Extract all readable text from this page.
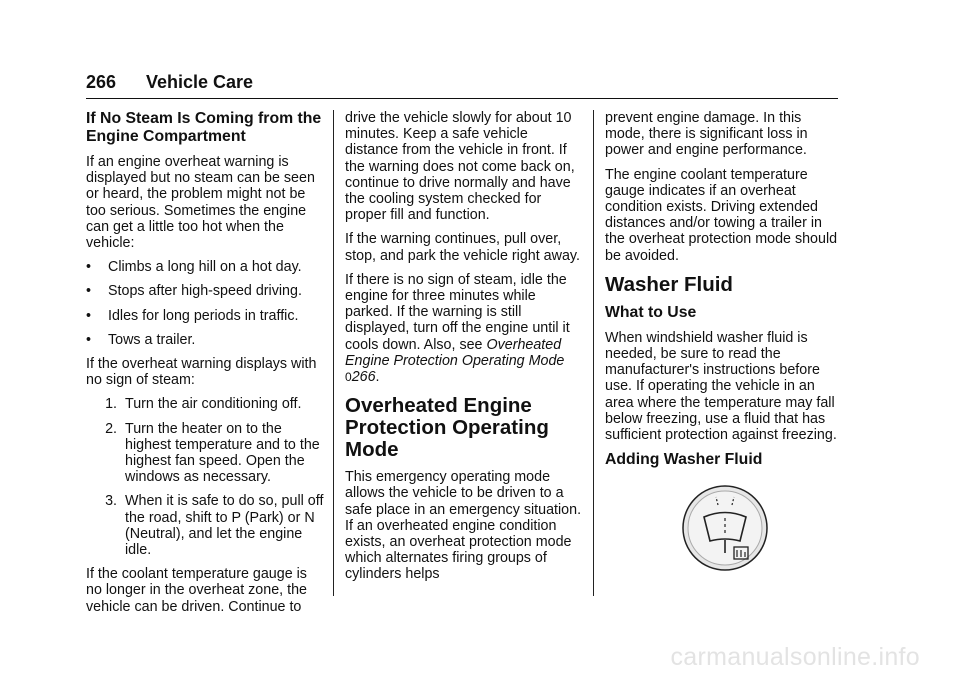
266 Vehicle Care
If No Steam Is Coming from the Engine Compartment

If an engine overheat warning is displayed but no steam can be seen or heard, the problem might not be too serious. Sometimes the engine can get a little too hot when the vehicle:

• Climbs a long hill on a hot day.

• Stops after high-speed driving.

• Idles for long periods in traffic.

• Tows a trailer.

If the overheat warning displays with no sign of steam:

1. Turn the air conditioning off.
2. Turn the heater on to the highest temperature and to the highest fan speed. Open the windows as necessary.
3. When it is safe to do so, pull off the road, shift to P (Park) or N (Neutral), and let the engine idle.

If the coolant temperature gauge is no longer in the overheat zone, the vehicle can be driven. Continue to

drive the vehicle slowly for about 10 minutes. Keep a safe vehicle distance from the vehicle in front. If the warning does not come back on, continue to drive normally and have the cooling system checked for proper fill and function.

If the warning continues, pull over, stop, and park the vehicle right away.

If there is no sign of steam, idle the engine for three minutes while parked. If the warning is still displayed, turn off the engine until it cools down. Also, see Overheated Engine Protection Operating Mode 0266.

Overheated Engine Protection Operating Mode

This emergency operating mode allows the vehicle to be driven to a safe place in an emergency situation. If an overheated engine condition exists, an overheat protection mode which alternates firing groups of cylinders helps

prevent engine damage. In this mode, there is significant loss in power and engine performance.

The engine coolant temperature gauge indicates if an overheat condition exists. Driving extended distances and/or towing a trailer in the overheat protection mode should be avoided.

Washer Fluid
What to Use

When windshield washer fluid is needed, be sure to read the manufacturer's instructions before use. If operating the vehicle in an area where the temperature may fall below freezing, use a fluid that has sufficient protection against freezing.

Adding Washer Fluid
carmanualsonline.info
